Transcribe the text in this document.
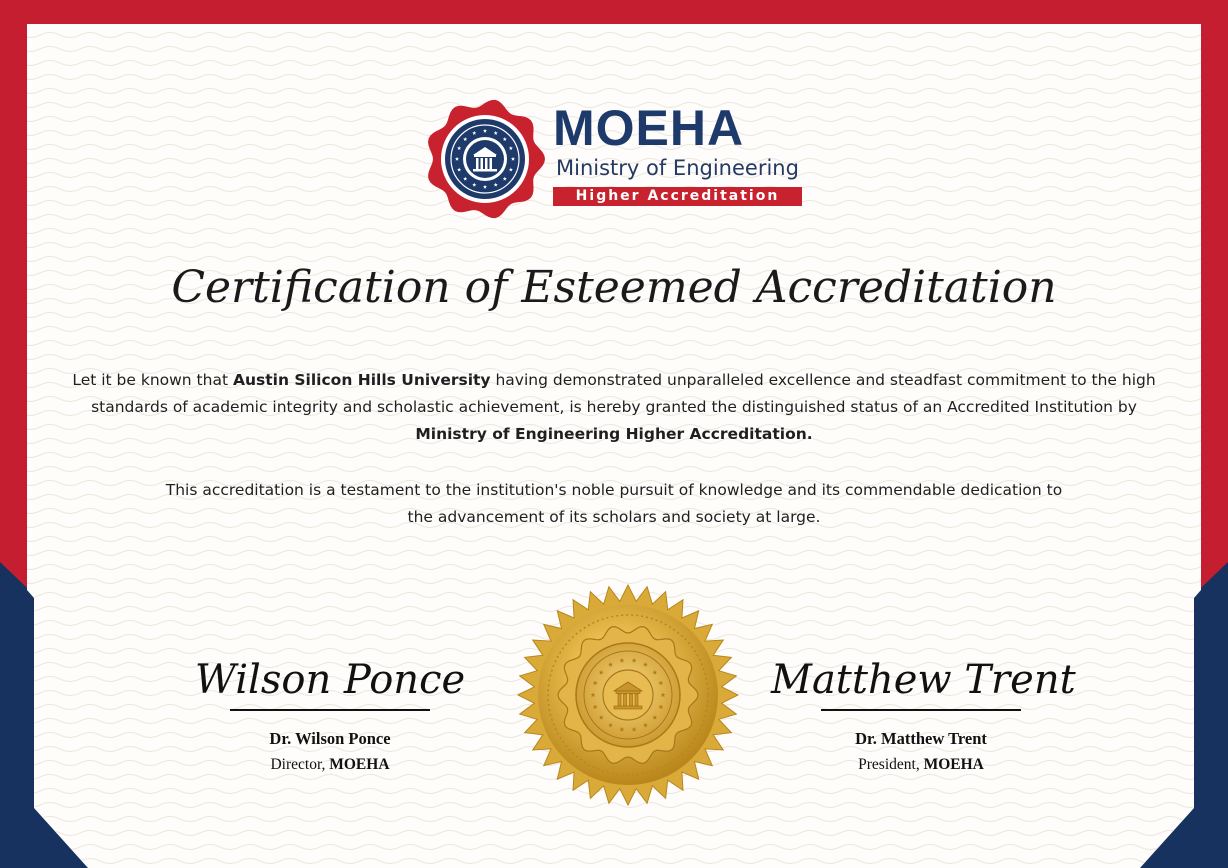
MOEHA
Ministry of Engineering
Higher Accreditation
Certification of Esteemed Accreditation
Let it be known that Austin Silicon Hills University having demonstrated unparalleled excellence and steadfast commitment to the high standards of academic integrity and scholastic achievement, is hereby granted the distinguished status of an Accredited Institution by Ministry of Engineering Higher Accreditation.
This accreditation is a testament to the institution's noble pursuit of knowledge and its commendable dedication to the advancement of its scholars and society at large.
Wilson Ponce
Dr. Wilson Ponce
Director, MOEHA
Matthew Trent
Dr. Matthew Trent
President, MOEHA
